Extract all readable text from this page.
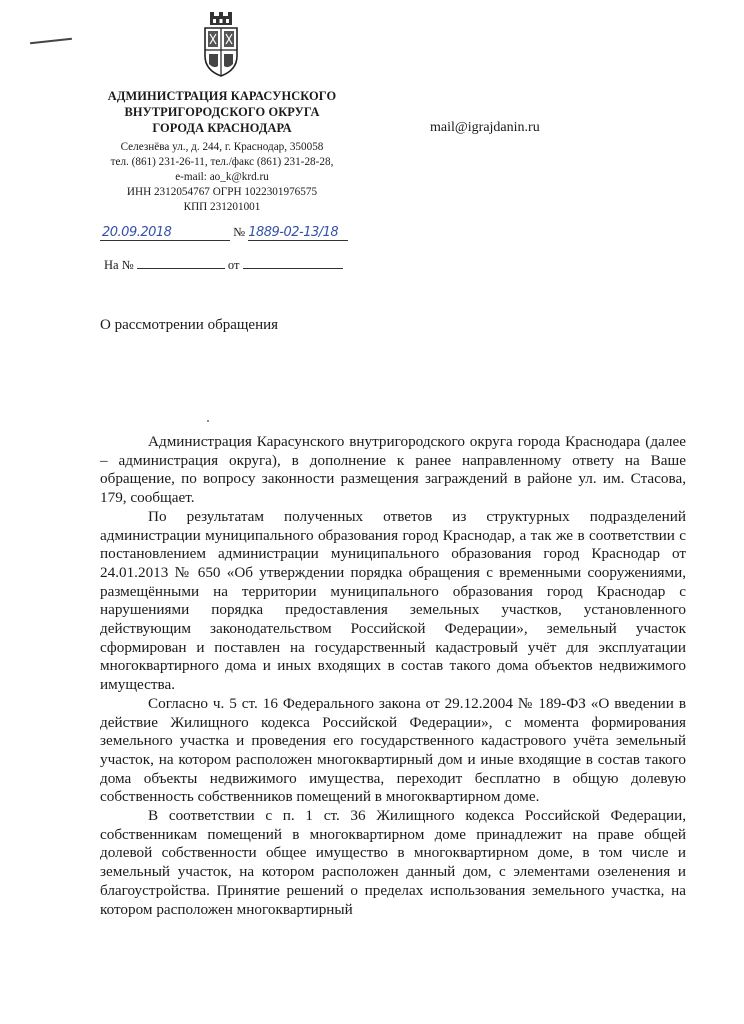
АДМИНИСТРАЦИЯ КАРАСУНСКОГО
ВНУТРИГОРОДСКОГО ОКРУГА
ГОРОДА КРАСНОДАРА
Селезнёва ул., д. 244, г. Краснодар, 350058
тел. (861) 231-26-11, тел./факс (861) 231-28-28,
e-mail: ao_k@krd.ru
ИНН 2312054767 ОГРН 1022301976575
КПП 231201001
mail@igrajdanin.ru
20.09.2018	№ 1889-02-13/18
На №	от
О рассмотрении обращения

Администрация Карасунского внутригородского округа города Краснодара (далее – администрация округа), в дополнение к ранее направленному ответу на Ваше обращение, по вопросу законности размещения заграждений в районе ул. им. Стасова, 179, сообщает.

По результатам полученных ответов из структурных подразделений администрации муниципального образования город Краснодар, а так же в соответствии с постановлением администрации муниципального образования город Краснодар от 24.01.2013 № 650 «Об утверждении порядка обращения с временными сооружениями, размещёнными на территории муниципального образования город Краснодар с нарушениями порядка предоставления земельных участков, установленного действующим законодательством Российской Федерации», земельный участок сформирован и поставлен на государственный кадастровый учёт для эксплуатации многоквартирного дома и иных входящих в состав такого дома объектов недвижимого имущества.

Согласно ч. 5 ст. 16 Федерального закона от 29.12.2004 № 189-ФЗ «О введении в действие Жилищного кодекса Российской Федерации», с момента формирования земельного участка и проведения его государственного кадастрового учёта земельный участок, на котором расположен многоквартирный дом и иные входящие в состав такого дома объекты недвижимого имущества, переходит бесплатно в общую долевую собственность собственников помещений в многоквартирном доме.

В соответствии с п. 1 ст. 36 Жилищного кодекса Российской Федерации, собственникам помещений в многоквартирном доме принадлежит на праве общей долевой собственности общее имущество в многоквартирном доме, в том числе и земельный участок, на котором расположен данный дом, с элементами озеленения и благоустройства. Принятие решений о пределах использования земельного участка, на котором расположен многоквартирный
